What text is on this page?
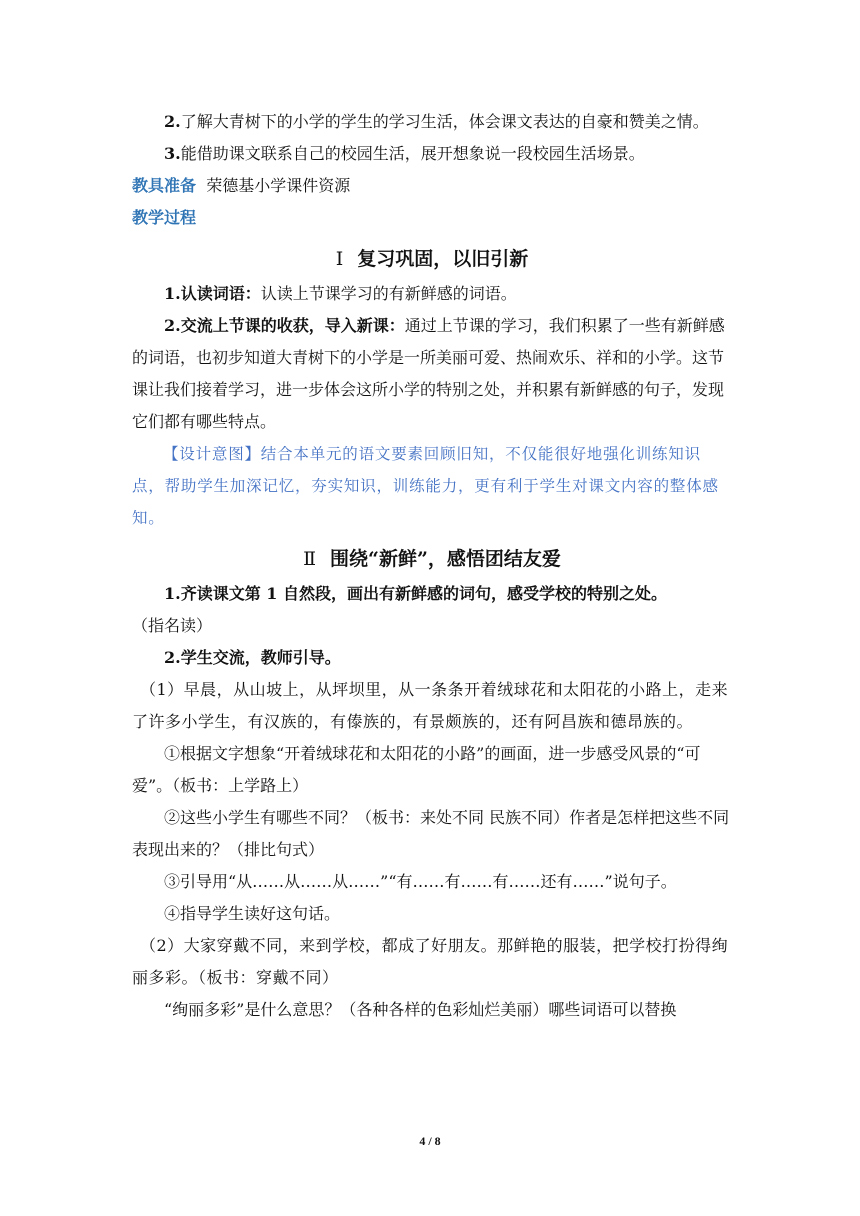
2.了解大青树下的小学的学生的学习生活，体会课文表达的自豪和赞美之情。

3.能借助课文联系自己的校园生活，展开想象说一段校园生活场景。

教具准备 荣德基小学课件资源

教学过程

Ⅰ 复习巩固，以旧引新

1.认读词语：认读上节课学习的有新鲜感的词语。

2.交流上节课的收获，导入新课：通过上节课的学习，我们积累了一些有新鲜感的词语，也初步知道大青树下的小学是一所美丽可爱、热闹欢乐、祥和的小学。这节课让我们接着学习，进一步体会这所小学的特别之处，并积累有新鲜感的句子，发现它们都有哪些特点。

【设计意图】结合本单元的语文要素回顾旧知，不仅能很好地强化训练知识点，帮助学生加深记忆，夯实知识，训练能力，更有利于学生对课文内容的整体感知。

Ⅱ 围绕“新鲜”，感悟团结友爱

1.齐读课文第 1 自然段，画出有新鲜感的词句，感受学校的特别之处。（指名读）

2.学生交流，教师引导。

（1）早晨，从山坡上，从坪坝里，从一条条开着绒球花和太阳花的小路上，走来了许多小学生，有汉族的，有傣族的，有景颇族的，还有阿昌族和德昂族的。

①根据文字想象“开着绒球花和太阳花的小路”的画面，进一步感受风景的“可爱”。（板书：上学路上）

②这些小学生有哪些不同？（板书：来处不同 民族不同）作者是怎样把这些不同表现出来的？（排比句式）

③引导用“从……从……从……”“有……有……有……还有……”说句子。

④指导学生读好这句话。

（2）大家穿戴不同，来到学校，都成了好朋友。那鲜艳的服装，把学校打扮得绚丽多彩。（板书：穿戴不同）

“绚丽多彩”是什么意思？（各种各样的色彩灿烂美丽）哪些词语可以替换

4 / 8
